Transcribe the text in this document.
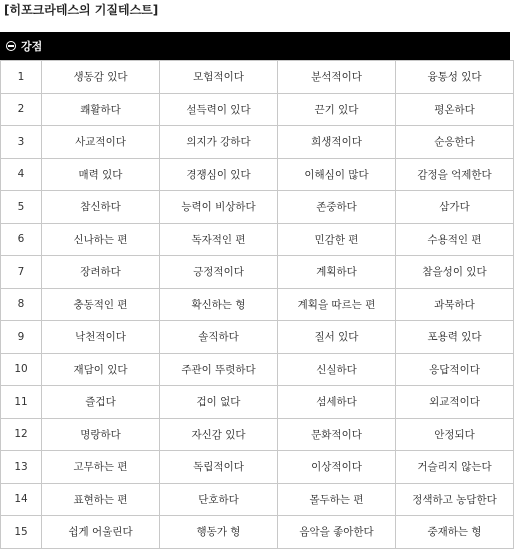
[히포크라테스의 기질테스트]
강점
1	생동감 있다	모험적이다	분석적이다	융통성 있다
2	쾌활하다	설득력이 있다	끈기 있다	평온하다
3	사교적이다	의지가 강하다	희생적이다	순응한다
4	매력 있다	경쟁심이 있다	이해심이 많다	감정을 억제한다
5	참신하다	능력이 비상하다	존중하다	삼가다
6	신나하는 편	독자적인 편	민감한 편	수용적인 편
7	장려하다	긍정적이다	계획하다	참을성이 있다
8	충동적인 편	확신하는 형	계획을 따르는 편	과묵하다
9	낙천적이다	솔직하다	질서 있다	포용력 있다
10	재담이 있다	주관이 뚜렷하다	신실하다	응답적이다
11	즐겁다	겁이 없다	섬세하다	외교적이다
12	명랑하다	자신감 있다	문화적이다	안정되다
13	고무하는 편	독립적이다	이상적이다	거슬리지 않는다
14	표현하는 편	단호하다	몰두하는 편	정색하고 농담한다
15	쉽게 어울린다	행동가 형	음악을 좋아한다	중재하는 형
